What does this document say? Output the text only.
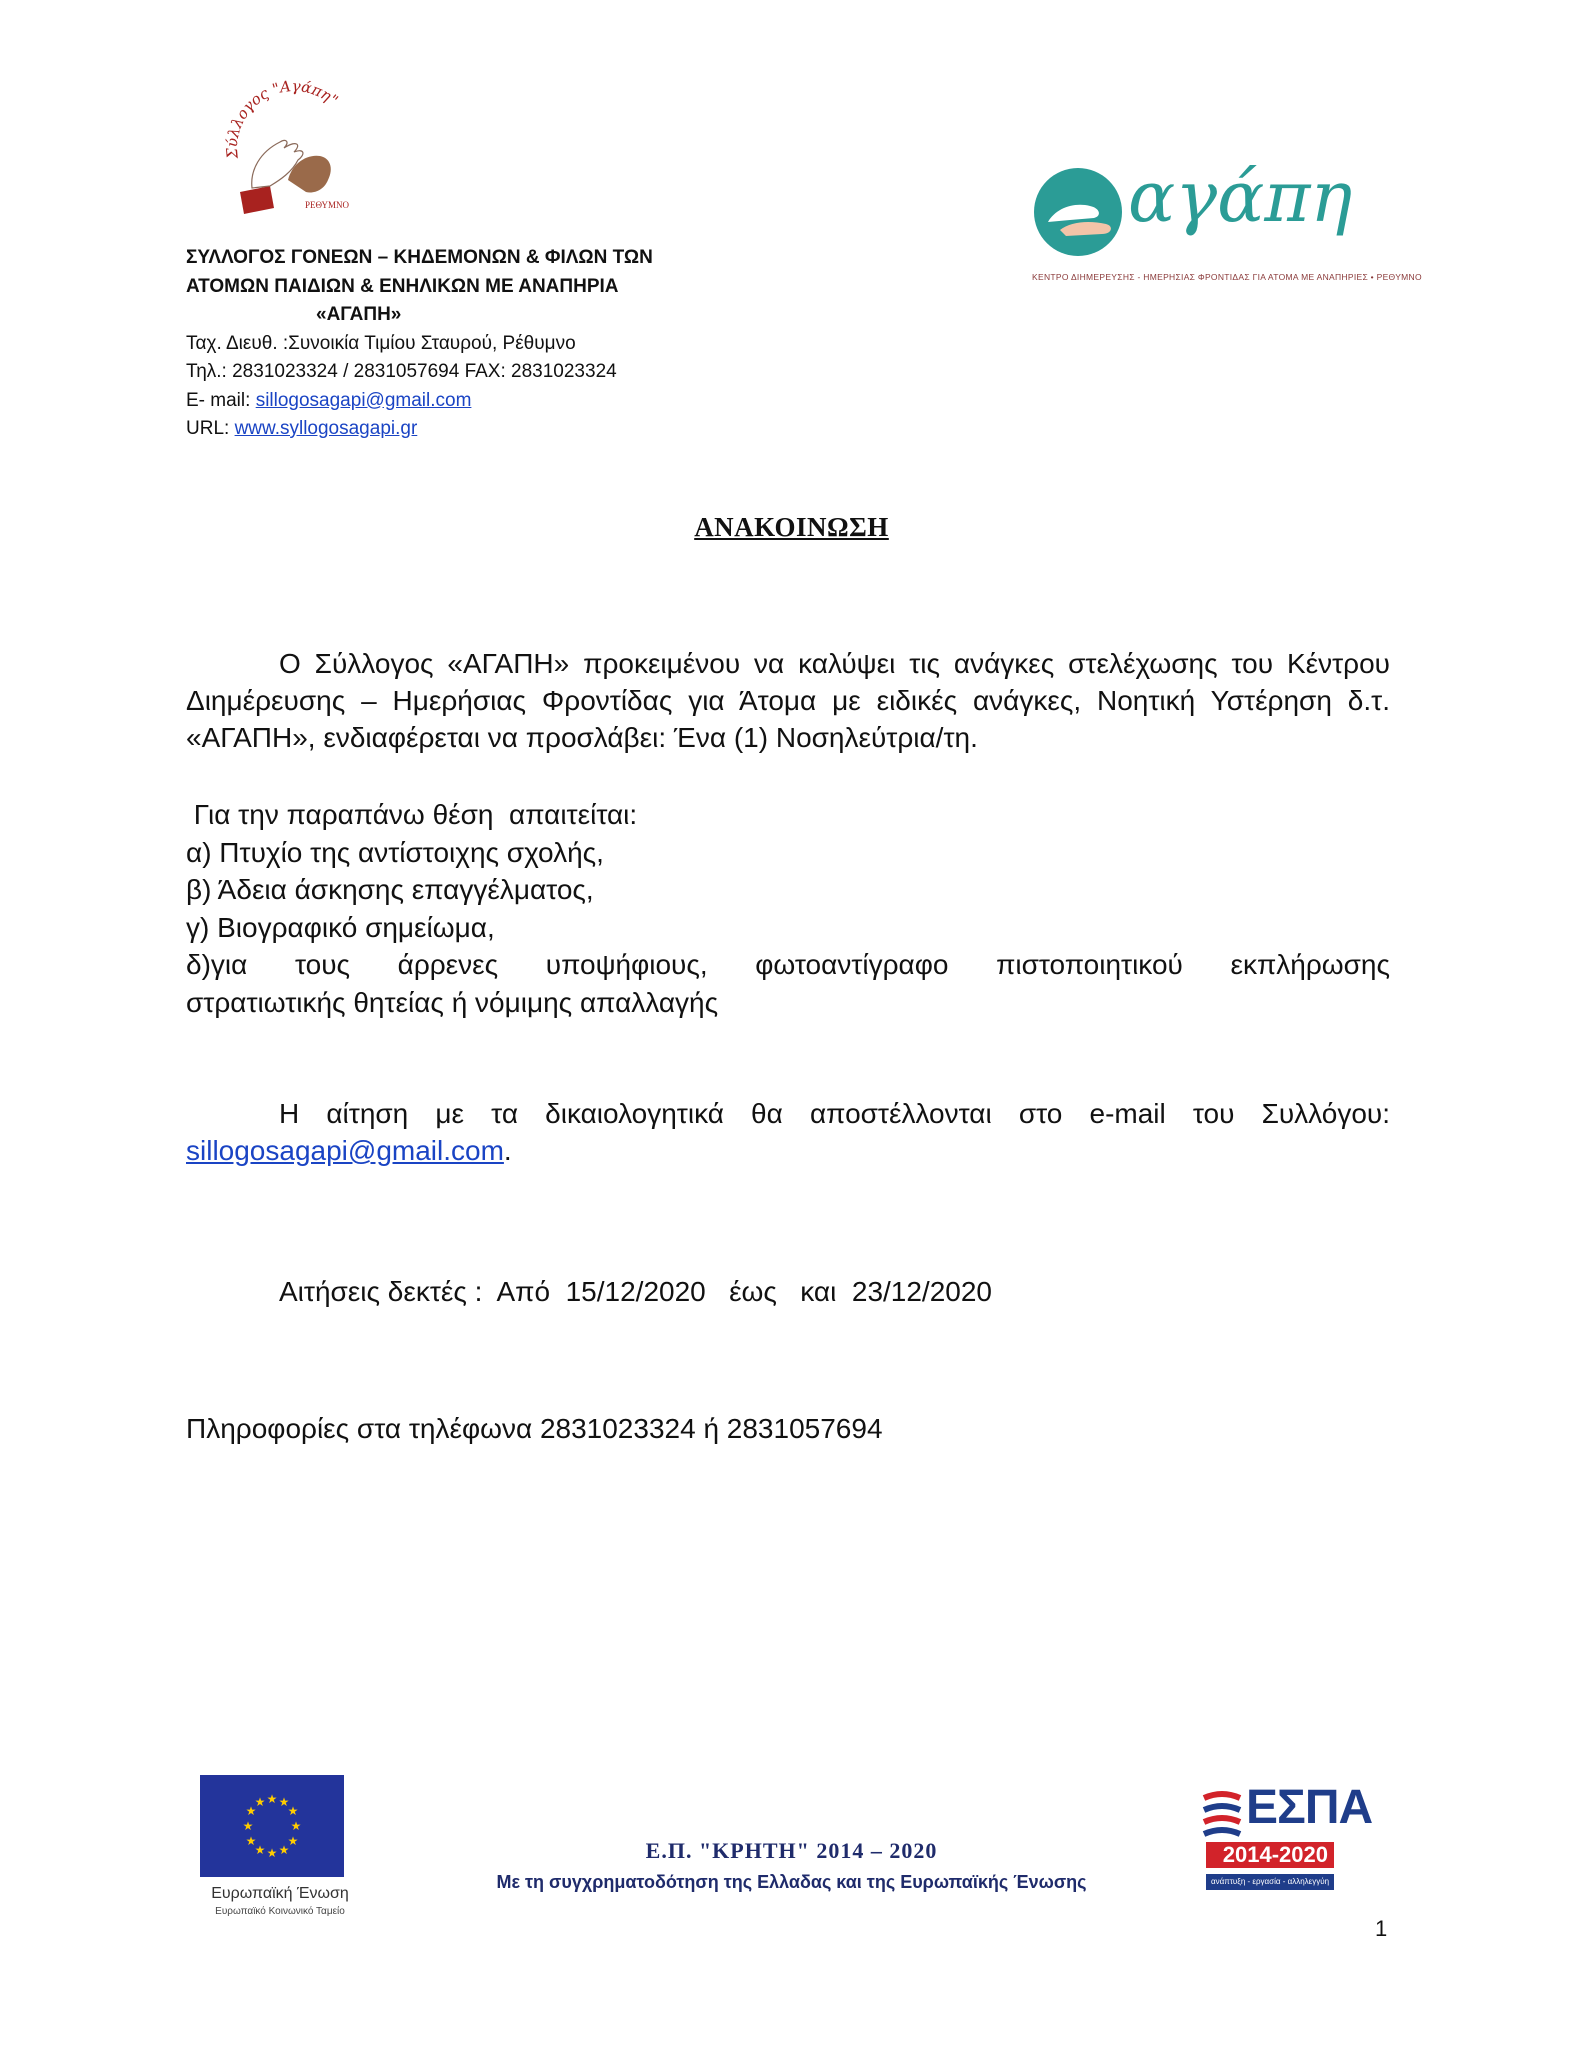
Σύλλογος "Αγάπη"
ΡΕΘΥΜΝΟ
ΣΥΛΛΟΓΟΣ ΓΟΝΕΩΝ – ΚΗΔΕΜΟΝΩΝ & ΦΙΛΩΝ ΤΩΝ
ΑΤΟΜΩΝ ΠΑΙΔΙΩΝ & ΕΝΗΛΙΚΩΝ ΜΕ ΑΝΑΠΗΡΙΑ
«ΑΓΑΠΗ»
Ταχ. Διευθ. :Συνοικία Τιμίου Σταυρού, Ρέθυμνο
Τηλ.: 2831023324 / 2831057694 FAX: 2831023324
E- mail: sillogosagapi@gmail.com
URL: www.syllogosagapi.gr
αγάπη
ΚΕΝΤΡΟ ΔΙΗΜΕΡΕΥΣΗΣ - ΗΜΕΡΗΣΙΑΣ ΦΡΟΝΤΙΔΑΣ ΓΙΑ ΑΤΟΜΑ ΜΕ ΑΝΑΠΗΡΙΕΣ • ΡΕΘΥΜΝΟ
ΑΝΑΚΟΙΝΩΣΗ
Ο Σύλλογος «ΑΓΑΠΗ» προκειμένου να καλύψει τις ανάγκες στελέχωσης του Κέντρου Διημέρευσης – Ημερήσιας Φροντίδας για Άτομα με ειδικές ανάγκες, Νοητική Υστέρηση δ.τ. «ΑΓΑΠΗ», ενδιαφέρεται να προσλάβει: Ένα (1) Νοσηλεύτρια/τη.
Για την παραπάνω θέση  απαιτείται:
α) Πτυχίο της αντίστοιχης σχολής,
β) Άδεια άσκησης επαγγέλματος,
γ) Βιογραφικό σημείωμα,
δ)για τους άρρενες υποψήφιους, φωτοαντίγραφο πιστοποιητικού εκπλήρωσης
στρατιωτικής θητείας ή νόμιμης απαλλαγής
Η αίτηση με τα δικαιολογητικά θα αποστέλλονται στο e-mail του Συλλόγου:
sillogosagapi@gmail.com.
Αιτήσεις δεκτές :  Από  15/12/2020   έως   και  23/12/2020
Πληροφορίες στα τηλέφωνα 2831023324 ή 2831057694
★ ★
★
★
★
★
★
★
★
★
★
★
Ευρωπαϊκή Ένωση
Ευρωπαϊκό Κοινωνικό Ταμείο
Ε.Π. "ΚΡΗΤΗ" 2014 – 2020
Με τη συγχρηματοδότηση της Ελλαδας και της Ευρωπαϊκής Ένωσης
ΕΣΠΑ
2014-2020
ανάπτυξη - εργασία - αλληλεγγύη
1
